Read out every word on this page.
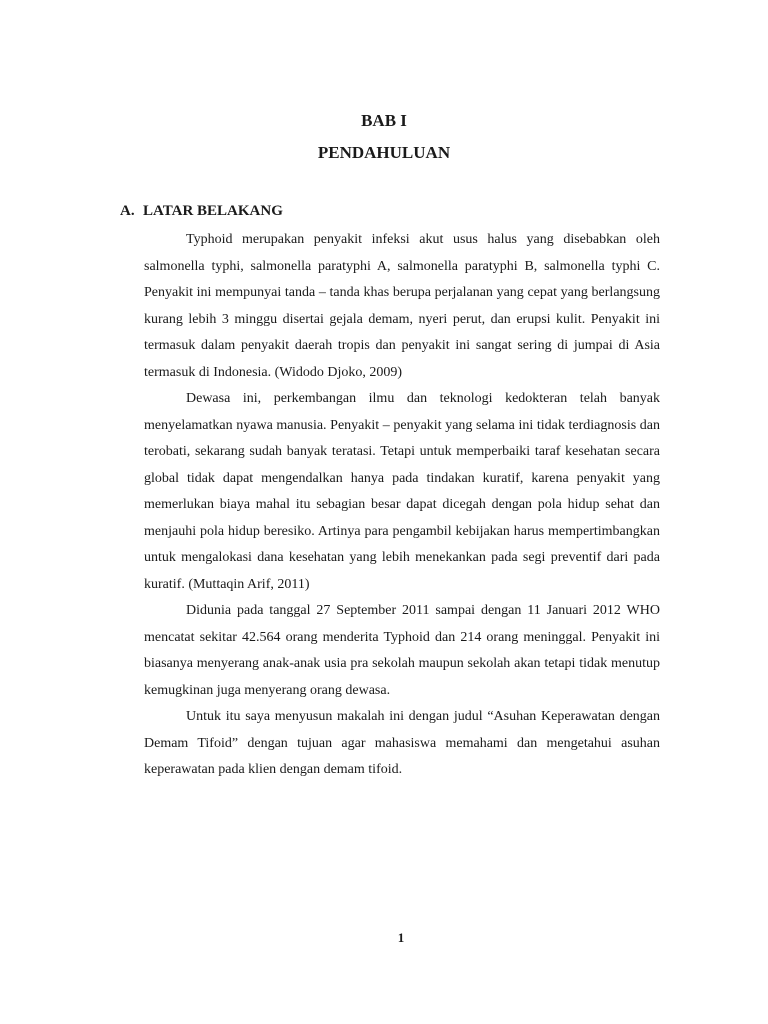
BAB I
PENDAHULUAN
A. LATAR BELAKANG

Typhoid merupakan penyakit infeksi akut usus halus yang disebabkan oleh salmonella typhi, salmonella paratyphi A, salmonella paratyphi B, salmonella typhi C. Penyakit ini mempunyai tanda – tanda khas berupa perjalanan yang cepat yang berlangsung kurang lebih 3 minggu disertai gejala demam, nyeri perut, dan erupsi kulit. Penyakit ini termasuk dalam penyakit daerah tropis dan penyakit ini sangat sering di jumpai di Asia termasuk di Indonesia. (Widodo Djoko, 2009)

Dewasa ini, perkembangan ilmu dan teknologi kedokteran telah banyak menyelamatkan nyawa manusia. Penyakit – penyakit yang selama ini tidak terdiagnosis dan terobati, sekarang sudah banyak teratasi. Tetapi untuk memperbaiki taraf kesehatan secara global tidak dapat mengendalkan hanya pada tindakan kuratif, karena penyakit yang memerlukan biaya mahal itu sebagian besar dapat dicegah dengan pola hidup sehat dan menjauhi pola hidup beresiko. Artinya para pengambil kebijakan harus mempertimbangkan untuk mengalokasi dana kesehatan yang lebih menekankan pada segi preventif dari pada kuratif. (Muttaqin Arif, 2011)

Didunia pada tanggal 27 September 2011 sampai dengan 11 Januari 2012 WHO mencatat sekitar 42.564 orang menderita Typhoid dan 214 orang meninggal. Penyakit ini biasanya menyerang anak-anak usia pra sekolah maupun sekolah akan tetapi tidak menutup kemugkinan juga menyerang orang dewasa.

Untuk itu saya menyusun makalah ini dengan judul “Asuhan Keperawatan dengan Demam Tifoid” dengan tujuan agar mahasiswa memahami dan mengetahui asuhan keperawatan pada klien dengan demam tifoid.

1
